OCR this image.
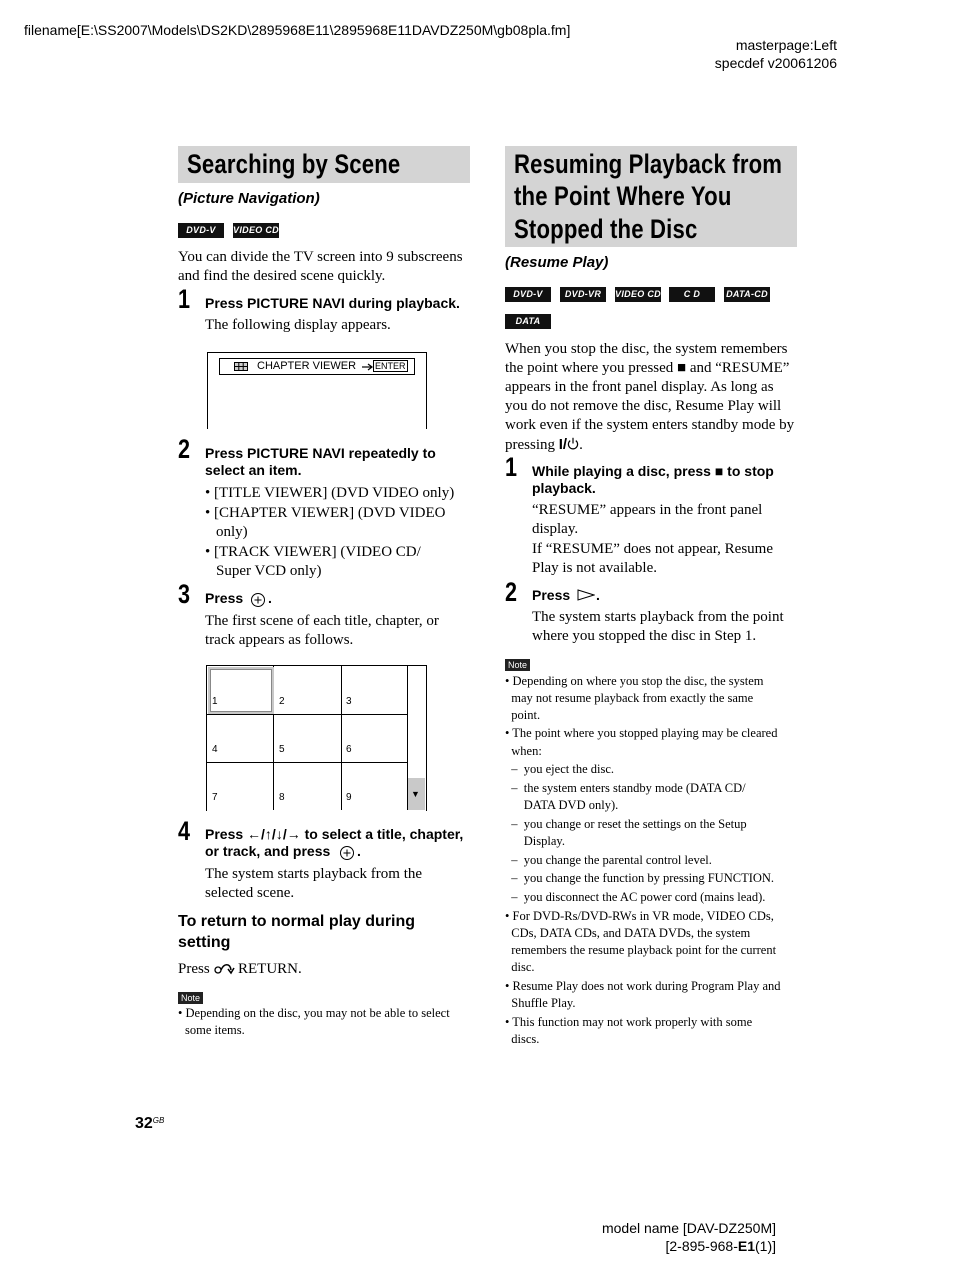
filename[E:\SS2007\Models\DS2KD\2895968E11\2895968E11DAVDZ250M\gb08pla.fm]
masterpage:Left
specdef v20061206
Searching by Scene
(Picture Navigation)
DVD-V	VIDEO CD
You can divide the TV screen into 9 subscreens
and find the desired scene quickly.
1 Press PICTURE NAVI during playback.
The following display appears.
CHAPTER VIEWER ENTER
2 Press PICTURE NAVI repeatedly to
select an item.
• [TITLE VIEWER] (DVD VIDEO only)
• [CHAPTER VIEWER] (DVD VIDEO
only)
• [TRACK VIEWER] (VIDEO CD/
Super VCD only)
3 Press .
The first scene of each title, chapter, or
track appears as follows.
▼
1	2	3
4	5	6
7	8	9
4 Press ←/↑/↓/→ to select a title, chapter,
or track, and press .
The system starts playback from the
selected scene.
To return to normal play during
setting
Press RETURN.
Note
• Depending on the disc, you may not be able to select
some items.
Resuming Playback from
the Point Where You
Stopped the Disc
(Resume Play)
DVD-V	DVD-VR	VIDEO CD	C D	DATA-CD
DATA DVD
When you stop the disc, the system remembers
the point where you pressed ■ and “RESUME”
appears in the front panel display. As long as
you do not remove the disc, Resume Play will
work even if the system enters standby mode by
pressing I/ .
1 While playing a disc, press ■ to stop
playback.
“RESUME” appears in the front panel
display.
If “RESUME” does not appear, Resume
Play is not available.
2 Press .
The system starts playback from the point
where you stopped the disc in Step 1.
Note
• Depending on where you stop the disc, the system
may not resume playback from exactly the same
point.
• The point where you stopped playing may be cleared
when:
–  you eject the disc.
–  the system enters standby mode (DATA CD/
DATA DVD only).
–  you change or reset the settings on the Setup
Display.
–  you change the parental control level.
–  you change the function by pressing FUNCTION.
–  you disconnect the AC power cord (mains lead).
• For DVD-Rs/DVD-RWs in VR mode, VIDEO CDs,
CDs, DATA CDs, and DATA DVDs, the system
remembers the resume playback point for the current
disc.
• Resume Play does not work during Program Play and
Shuffle Play.
• This function may not work properly with some
discs.
$32^{GB}$
model name [DAV-DZ250M]
[2-895-968-E1(1)]
